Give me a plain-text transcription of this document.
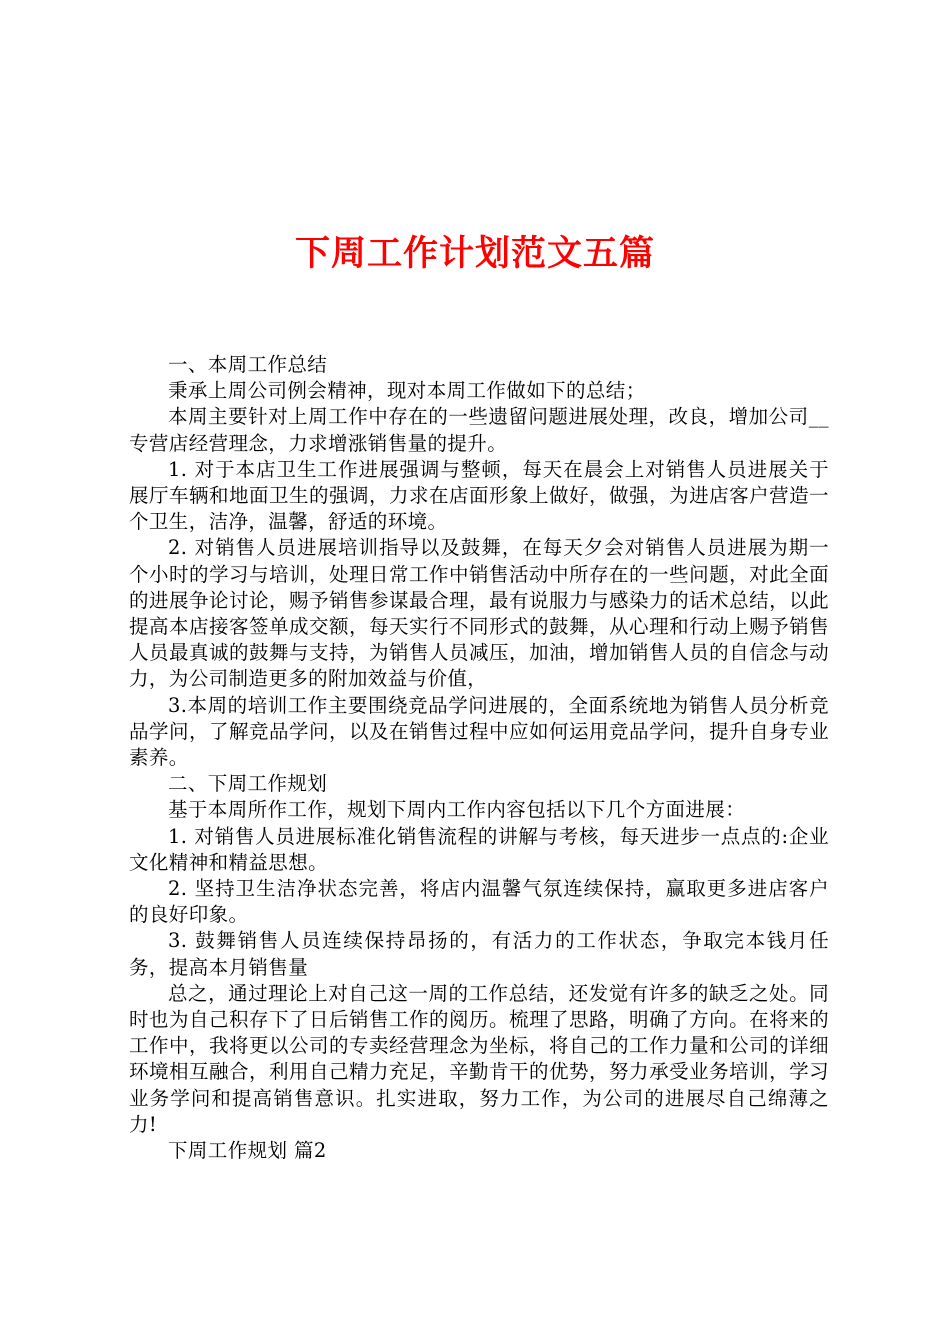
下周工作计划范文五篇

一、本周工作总结

秉承上周公司例会精神，现对本周工作做如下的总结；

本周主要针对上周工作中存在的一些遗留问题进展处理，改良，增加公司__专营店经营理念，力求增涨销售量的提升。

1. 对于本店卫生工作进展强调与整顿，每天在晨会上对销售人员进展关于展厅车辆和地面卫生的强调，力求在店面形象上做好，做强，为进店客户营造一个卫生，洁净，温馨，舒适的环境。

2. 对销售人员进展培训指导以及鼓舞，在每天夕会对销售人员进展为期一个小时的学习与培训，处理日常工作中销售活动中所存在的一些问题，对此全面的进展争论讨论，赐予销售参谋最合理，最有说服力与感染力的话术总结，以此提高本店接客签单成交额，每天实行不同形式的鼓舞，从心理和行动上赐予销售人员最真诚的鼓舞与支持，为销售人员减压，加油，增加销售人员的自信念与动力，为公司制造更多的附加效益与价值，

3.本周的培训工作主要围绕竞品学问进展的，全面系统地为销售人员分析竞品学问，了解竞品学问，以及在销售过程中应如何运用竞品学问，提升自身专业素养。

二、下周工作规划

基于本周所作工作，规划下周内工作内容包括以下几个方面进展：

1. 对销售人员进展标准化销售流程的讲解与考核，每天进步一点点的:企业文化精神和精益思想。

2. 坚持卫生洁净状态完善，将店内温馨气氛连续保持，赢取更多进店客户的良好印象。

3. 鼓舞销售人员连续保持昂扬的，有活力的工作状态，争取完本钱月任务，提高本月销售量

总之，通过理论上对自己这一周的工作总结，还发觉有许多的缺乏之处。同时也为自己积存下了日后销售工作的阅历。梳理了思路，明确了方向。在将来的工作中，我将更以公司的专卖经营理念为坐标，将自己的工作力量和公司的详细环境相互融合，利用自己精力充足，辛勤肯干的优势，努力承受业务培训，学习业务学问和提高销售意识。扎实进取，努力工作，为公司的进展尽自己绵薄之力!

下周工作规划 篇2
